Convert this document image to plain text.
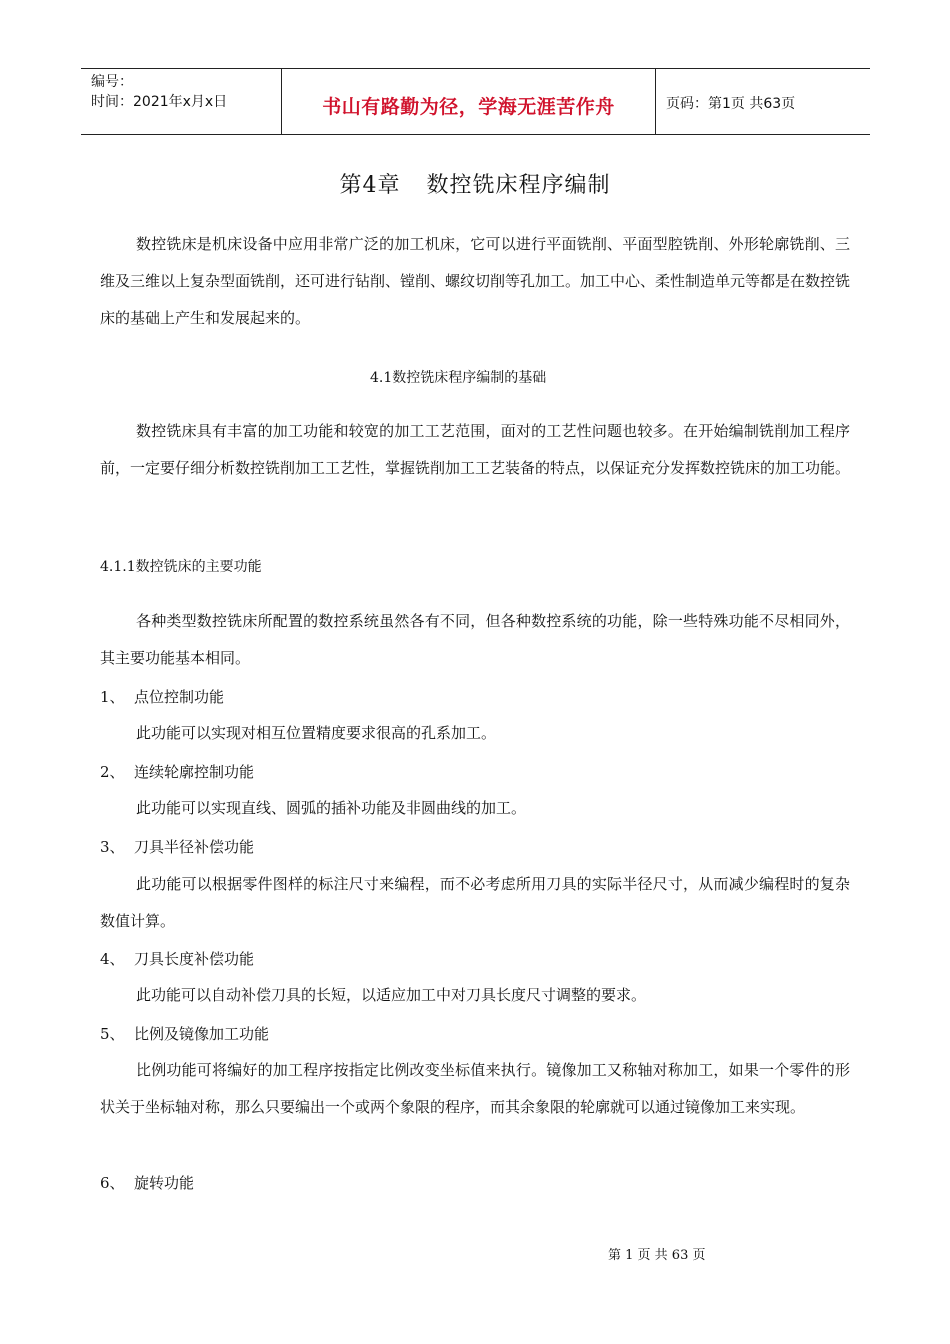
编号：
时间：2021年x月x日	书山有路勤为径，学海无涯苦作舟	页码：第1页 共63页
第4章 数控铣床程序编制

数控铣床是机床设备中应用非常广泛的加工机床，它可以进行平面铣削、平面型腔铣削、外形轮廓铣削、三维及三维以上复杂型面铣削，还可进行钻削、镗削、螺纹切削等孔加工。加工中心、柔性制造单元等都是在数控铣床的基础上产生和发展起来的。

4.1数控铣床程序编制的基础

数控铣床具有丰富的加工功能和较宽的加工工艺范围，面对的工艺性问题也较多。在开始编制铣削加工程序前，一定要仔细分析数控铣削加工工艺性，掌握铣削加工工艺装备的特点，以保证充分发挥数控铣床的加工功能。

4.1.1数控铣床的主要功能

各种类型数控铣床所配置的数控系统虽然各有不同，但各种数控系统的功能，除一些特殊功能不尽相同外，其主要功能基本相同。

1、 点位控制功能

此功能可以实现对相互位置精度要求很高的孔系加工。

2、 连续轮廓控制功能

此功能可以实现直线、圆弧的插补功能及非圆曲线的加工。

3、 刀具半径补偿功能

此功能可以根据零件图样的标注尺寸来编程，而不必考虑所用刀具的实际半径尺寸，从而减少编程时的复杂数值计算。

4、 刀具长度补偿功能

此功能可以自动补偿刀具的长短，以适应加工中对刀具长度尺寸调整的要求。

5、 比例及镜像加工功能

比例功能可将编好的加工程序按指定比例改变坐标值来执行。镜像加工又称轴对称加工，如果一个零件的形状关于坐标轴对称，那么只要编出一个或两个象限的程序，而其余象限的轮廓就可以通过镜像加工来实现。

6、 旋转功能
第 1 页 共 63 页
